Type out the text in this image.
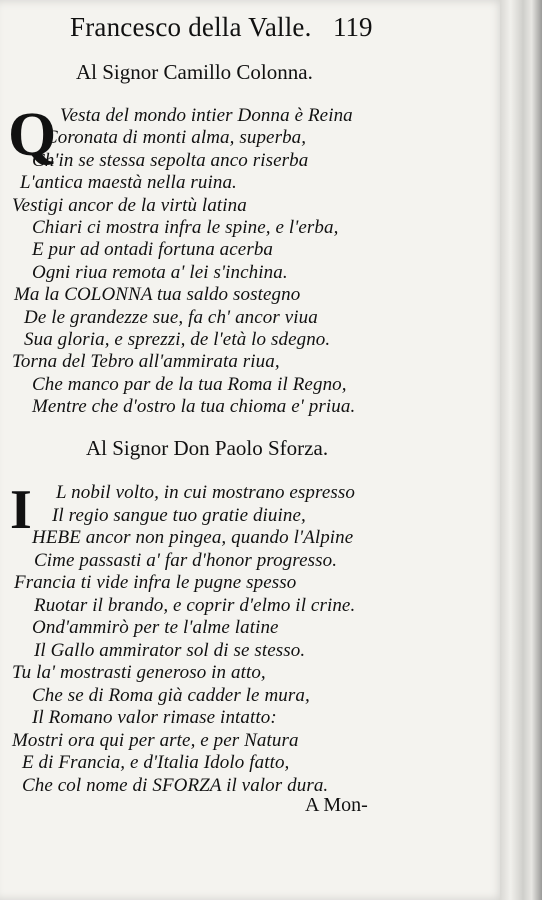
Francesco della Valle. 119
Al Signor Camillo Colonna.
Q Vesta del mondo intier Donna è Reina
Coronata di monti alma, superba,
Ch'in se stessa sepolta anco riserba
L'antica maestà nella ruina.
Vestigi ancor de la virtù latina
Chiari ci mostra infra le spine, e l'erba,
E pur ad ontadi fortuna acerba
Ogni riua remota a' lei s'inchina.
Ma la COLONNA tua saldo sostegno
De le grandezze sue, fa ch' ancor viua
Sua gloria, e sprezzi, de l'età lo sdegno.
Torna del Tebro all'ammirata riua,
Che manco par de la tua Roma il Regno,
Mentre che d'ostro la tua chioma e' priua.
Al Signor Don Paolo Sforza.
I L nobil volto, in cui mostrano espresso
Il regio sangue tuo gratie diuine,
HEBE ancor non pingea, quando l'Alpine
Cime passasti a' far d'honor progresso.
Francia ti vide infra le pugne spesso
Ruotar il brando, e coprir d'elmo il crine.
Ond'ammirò per te l'alme latine
Il Gallo ammirator sol di se stesso.
Tu la' mostrasti generoso in atto,
Che se di Roma già cadder le mura,
Il Romano valor rimase intatto:
Mostri ora qui per arte, e per Natura
E di Francia, e d'Italia Idolo fatto,
Che col nome di SFORZA il valor dura.
A Mon-
